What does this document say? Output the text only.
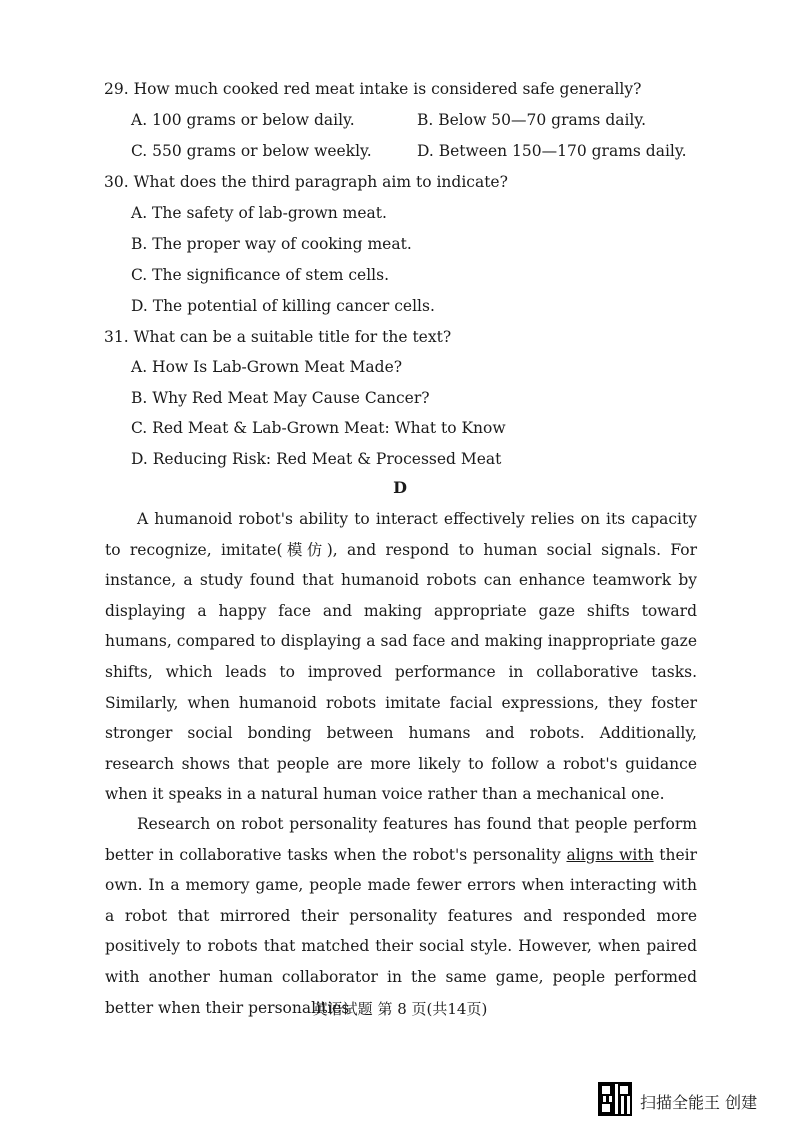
29. How much cooked red meat intake is considered safe generally?
A. 100 grams or below daily.	B. Below 50—70 grams daily.
C. 550 grams or below weekly.	D. Between 150—170 grams daily.
30. What does the third paragraph aim to indicate?
A. The safety of lab-grown meat.
B. The proper way of cooking meat.
C. The significance of stem cells.
D. The potential of killing cancer cells.
31. What can be a suitable title for the text?
A. How Is Lab-Grown Meat Made?
B. Why Red Meat May Cause Cancer?
C. Red Meat & Lab-Grown Meat: What to Know
D. Reducing Risk: Red Meat & Processed Meat
D
A humanoid robot's ability to interact effectively relies on its capacity to recognize, imitate(模仿), and respond to human social signals. For instance, a study found that humanoid robots can enhance teamwork by displaying a happy face and making appropriate gaze shifts toward humans, compared to displaying a sad face and making inappropriate gaze shifts, which leads to improved performance in collaborative tasks. Similarly, when humanoid robots imitate facial expressions, they foster stronger social bonding between humans and robots. Additionally, research shows that people are more likely to follow a robot's guidance when it speaks in a natural human voice rather than a mechanical one.
Research on robot personality features has found that people perform better in collaborative tasks when the robot's personality aligns with their own. In a memory game, people made fewer errors when interacting with a robot that mirrored their personality features and responded more positively to robots that matched their social style. However, when paired with another human collaborator in the same game, people performed better when their personalities
英语试题 第 8 页(共14页)
扫描全能王 创建
